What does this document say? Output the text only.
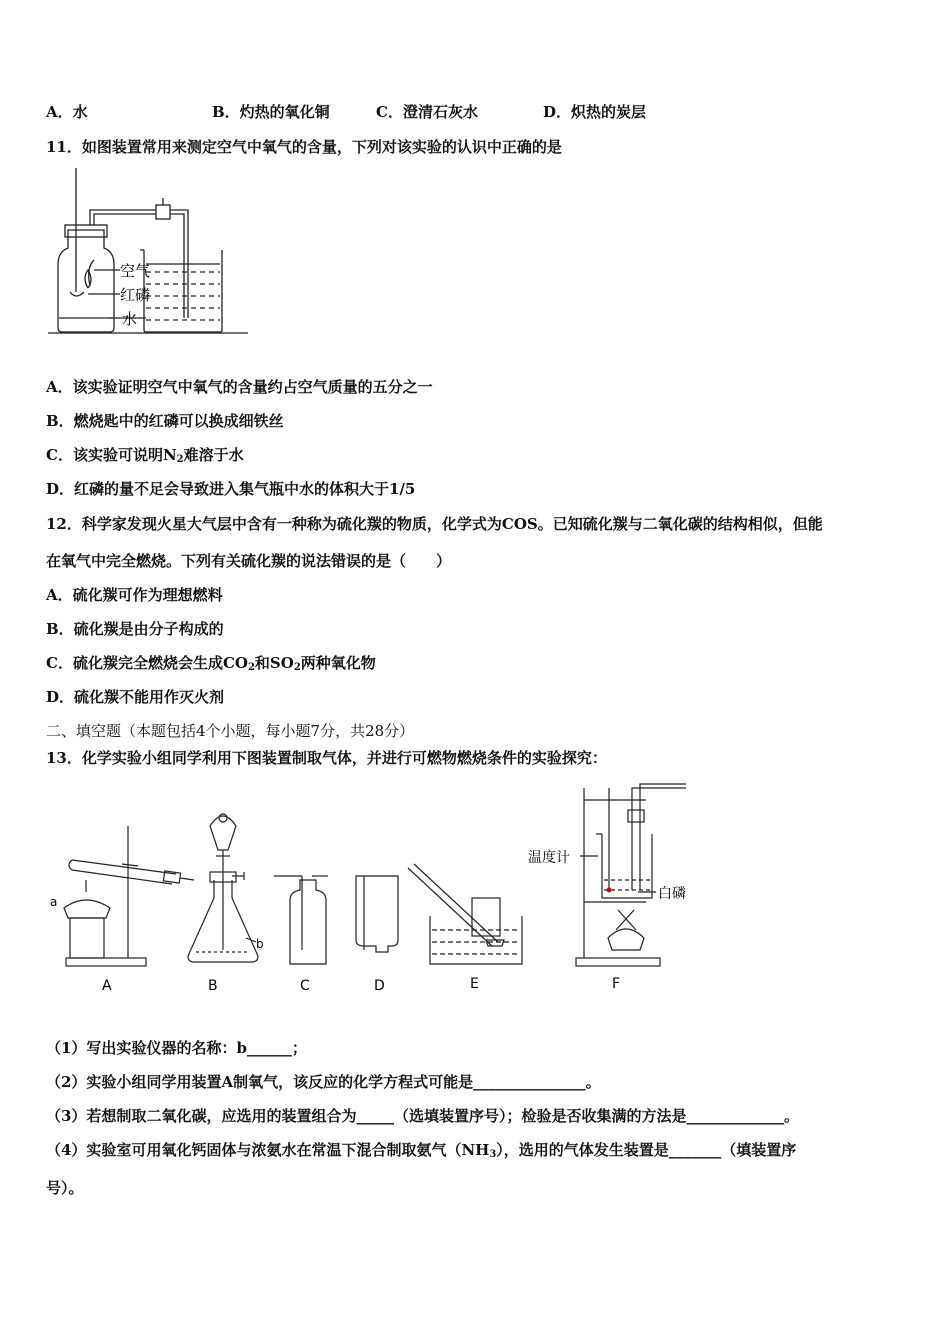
A．水	B．灼热的氧化铜	C．澄清石灰水	D．炽热的炭层
11．如图装置常用来测定空气中氧气的含量，下列对该实验的认识中正确的是
空气
红磷
水
A．该实验证明空气中氧气的含量约占空气质量的五分之一
B．燃烧匙中的红磷可以换成细铁丝
C．该实验可说明$N_2$难溶于水
D．红磷的量不足会导致进入集气瓶中水的体积大于1/5
12．科学家发现火星大气层中含有一种称为硫化羰的物质，化学式为COS。已知硫化羰与二氧化碳的结构相似，但能
在氧气中完全燃烧。下列有关硫化羰的说法错误的是（　　）
A．硫化羰可作为理想燃料
B．硫化羰是由分子构成的
C．硫化羰完全燃烧会生成$CO_2$和$SO_2$两种氧化物
D．硫化羰不能用作灭火剂
二、填空题（本题包括4个小题，每小题7分，共28分）
13．化学实验小组同学利用下图装置制取气体，并进行可燃物燃烧条件的实验探究：
a
b
A	B	C	D	E	F
温度计
白磷
（1）写出实验仪器的名称：b______；
（2）实验小组同学用装置A制氧气，该反应的化学方程式可能是_______________。
（3）若想制取二氧化碳，应选用的装置组合为_____（选填装置序号）；检验是否收集满的方法是_____________。
（4）实验室可用氧化钙固体与浓氨水在常温下混合制取氨气$(NH_3)$，选用的气体发生装置是_______（填装置序
号）。
